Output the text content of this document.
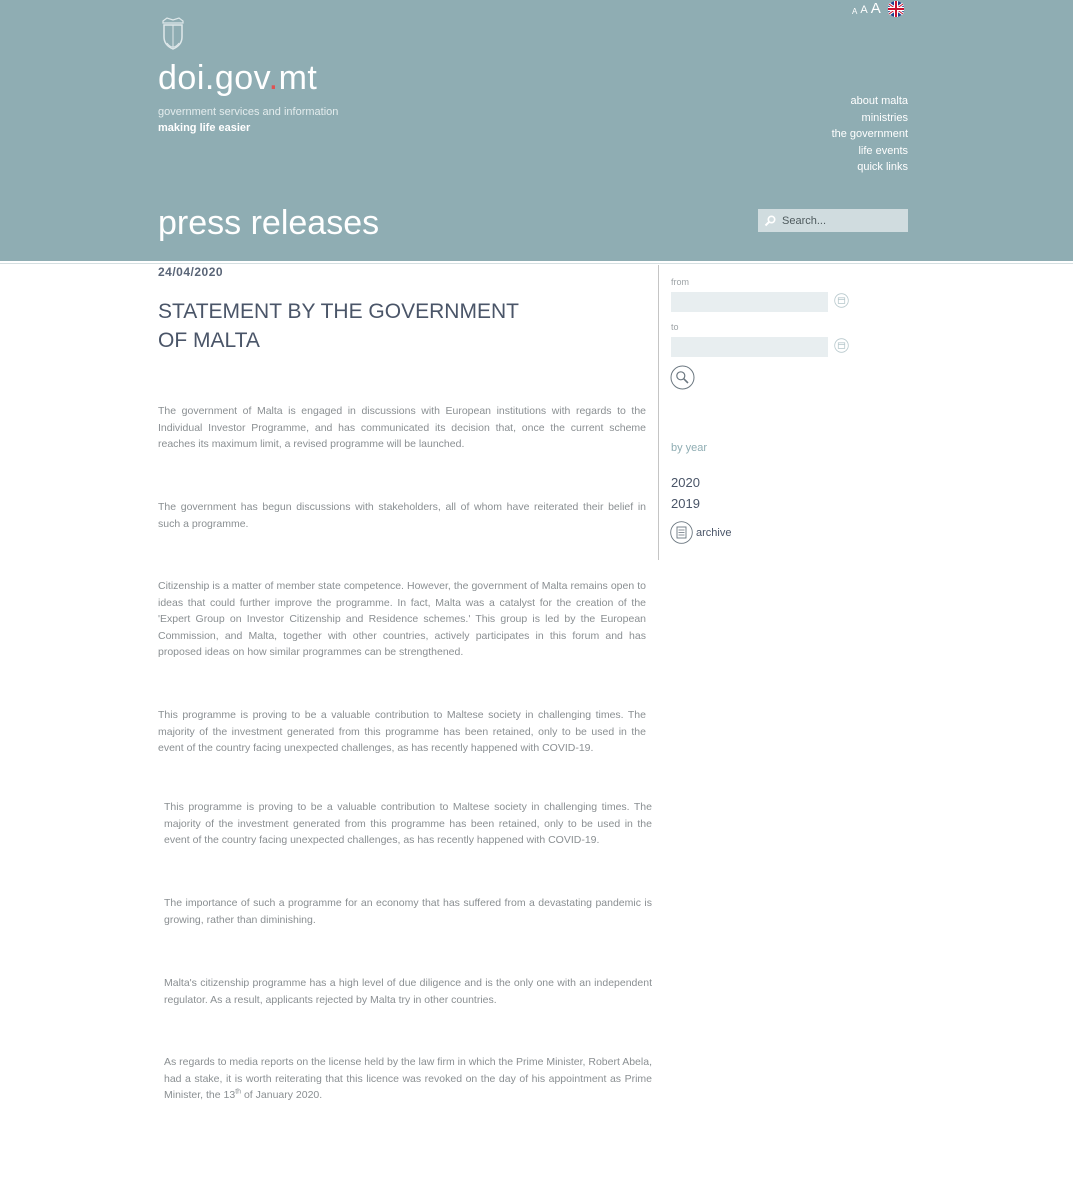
doi.gov.mt
government services and information
making life easier
A A A
about malta
ministries
the government
life events
quick links
press releases
Search...
24/04/2020
STATEMENT BY THE GOVERNMENT OF MALTA

The government of Malta is engaged in discussions with European institutions with regards to the Individual Investor Programme, and has communicated its decision that, once the current scheme reaches its maximum limit, a revised programme will be launched.

The government has begun discussions with stakeholders, all of whom have reiterated their belief in such a programme.

Citizenship is a matter of member state competence. However, the government of Malta remains open to ideas that could further improve the programme. In fact, Malta was a catalyst for the creation of the 'Expert Group on Investor Citizenship and Residence schemes.' This group is led by the European Commission, and Malta, together with other countries, actively participates in this forum and has proposed ideas on how similar programmes can be strengthened.

This programme is proving to be a valuable contribution to Maltese society in challenging times. The majority of the investment generated from this programme has been retained, only to be used in the event of the country facing unexpected challenges, as has recently happened with COVID-19.

This programme is proving to be a valuable contribution to Maltese society in challenging times. The majority of the investment generated from this programme has been retained, only to be used in the event of the country facing unexpected challenges, as has recently happened with COVID-19.

The importance of such a programme for an economy that has suffered from a devastating pandemic is growing, rather than diminishing.

Malta's citizenship programme has a high level of due diligence and is the only one with an independent regulator. As a result, applicants rejected by Malta try in other countries.

As regards to media reports on the license held by the law firm in which the Prime Minister, Robert Abela, had a stake, it is worth reiterating that this licence was revoked on the day of his appointment as Prime Minister, the 13th of January 2020.

from
to
by year
2020
2019
archive
